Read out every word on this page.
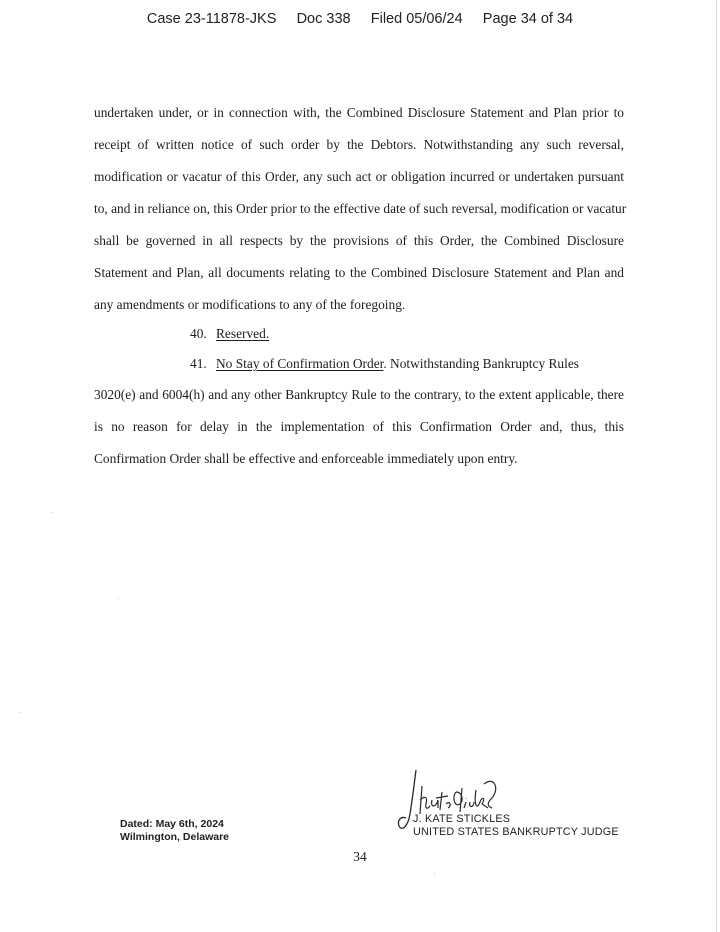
Case 23-11878-JKS Doc 338 Filed 05/06/24 Page 34 of 34
undertaken under, or in connection with, the Combined Disclosure Statement and Plan prior to
receipt of written notice of such order by the Debtors. Notwithstanding any such reversal,
modification or vacatur of this Order, any such act or obligation incurred or undertaken pursuant
to, and in reliance on, this Order prior to the effective date of such reversal, modification or vacatur
shall be governed in all respects by the provisions of this Order, the Combined Disclosure
Statement and Plan, all documents relating to the Combined Disclosure Statement and Plan and
any amendments or modifications to any of the foregoing.
40. Reserved.
41. No Stay of Confirmation Order. Notwithstanding Bankruptcy Rules
3020(e) and 6004(h) and any other Bankruptcy Rule to the contrary, to the extent applicable, there
is no reason for delay in the implementation of this Confirmation Order and, thus, this
Confirmation Order shall be effective and enforceable immediately upon entry.
Dated: May 6th, 2024
Wilmington, Delaware
J. KATE STICKLES
UNITED STATES BANKRUPTCY JUDGE
34
